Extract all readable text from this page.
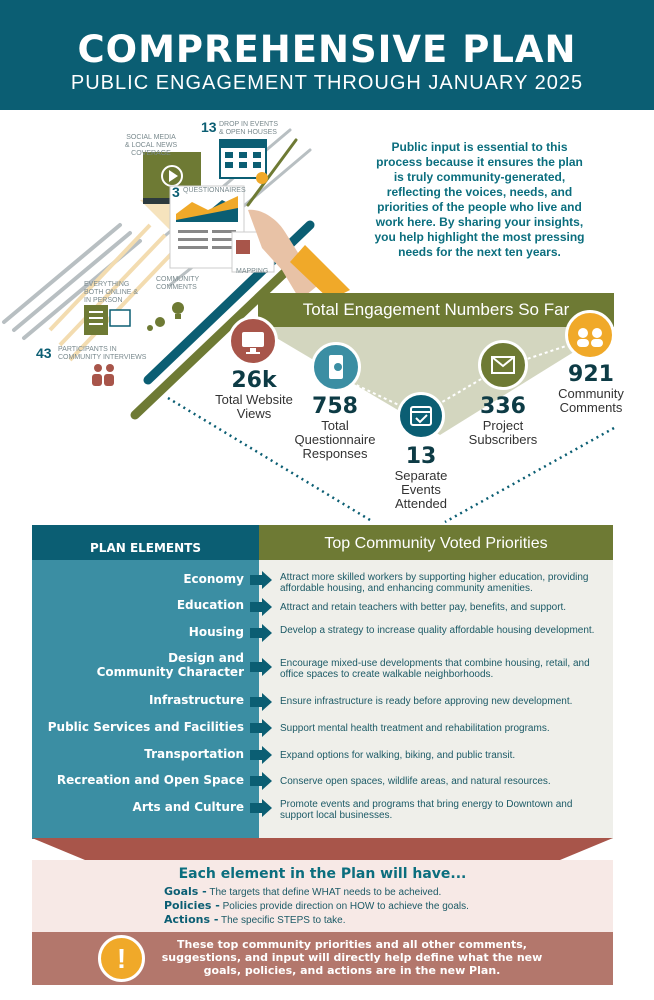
COMPREHENSIVE PLAN
PUBLIC ENGAGEMENT THROUGH JANUARY 2025
13 DROP IN EVENTS
& OPEN HOUSES
SOCIAL MEDIA
& LOCAL NEWS COVERAGE
3 QUESTIONNAIRES
MAPPING
COMMUNITY
COMMENTS
EVERYTHING
BOTH ONLINE &
IN PERSON
43 PARTICIPANTS IN
COMMUNITY INTERVIEWS
Public input is essential to this process because it ensures the plan is truly community-generated, reflecting the voices, needs, and priorities of the people who live and work here. By sharing your insights, you help highlight the most pressing needs for the next ten years.
Total Engagement Numbers So Far
26k
Total Website
Views	758
Total
Questionnaire
Responses	13
Separate
Events
Attended
336
Project
Subscribers
921
Community
Comments
PLAN ELEMENTS	Top Community Voted Priorities
Economy	Attract more skilled workers by supporting higher education, providing affordable housing, and enhancing community amenities.
Education	Attract and retain teachers with better pay, benefits, and support.
Housing	Develop a strategy to increase quality affordable housing development.
Design and
Community Character
Encourage mixed-use developments that combine housing, retail, and office spaces to create walkable neighborhoods.
Infrastructure	Ensure infrastructure is ready before approving new development.
Public Services and Facilities	Support mental health treatment and rehabilitation programs.
Transportation	Expand options for walking, biking, and public transit.
Recreation and Open Space	Conserve open spaces, wildlife areas, and natural resources.
Arts and Culture	Promote events and programs that bring energy to Downtown and support local businesses.
Each element in the Plan will have...
Goals - The targets that define WHAT needs to be acheived.
Policies - Policies provide direction on HOW to achieve the goals.
Actions - The specific STEPS to take.
!	These top community priorities and all other comments, suggestions, and input will directly help define what the new goals, policies, and actions are in the new Plan.
